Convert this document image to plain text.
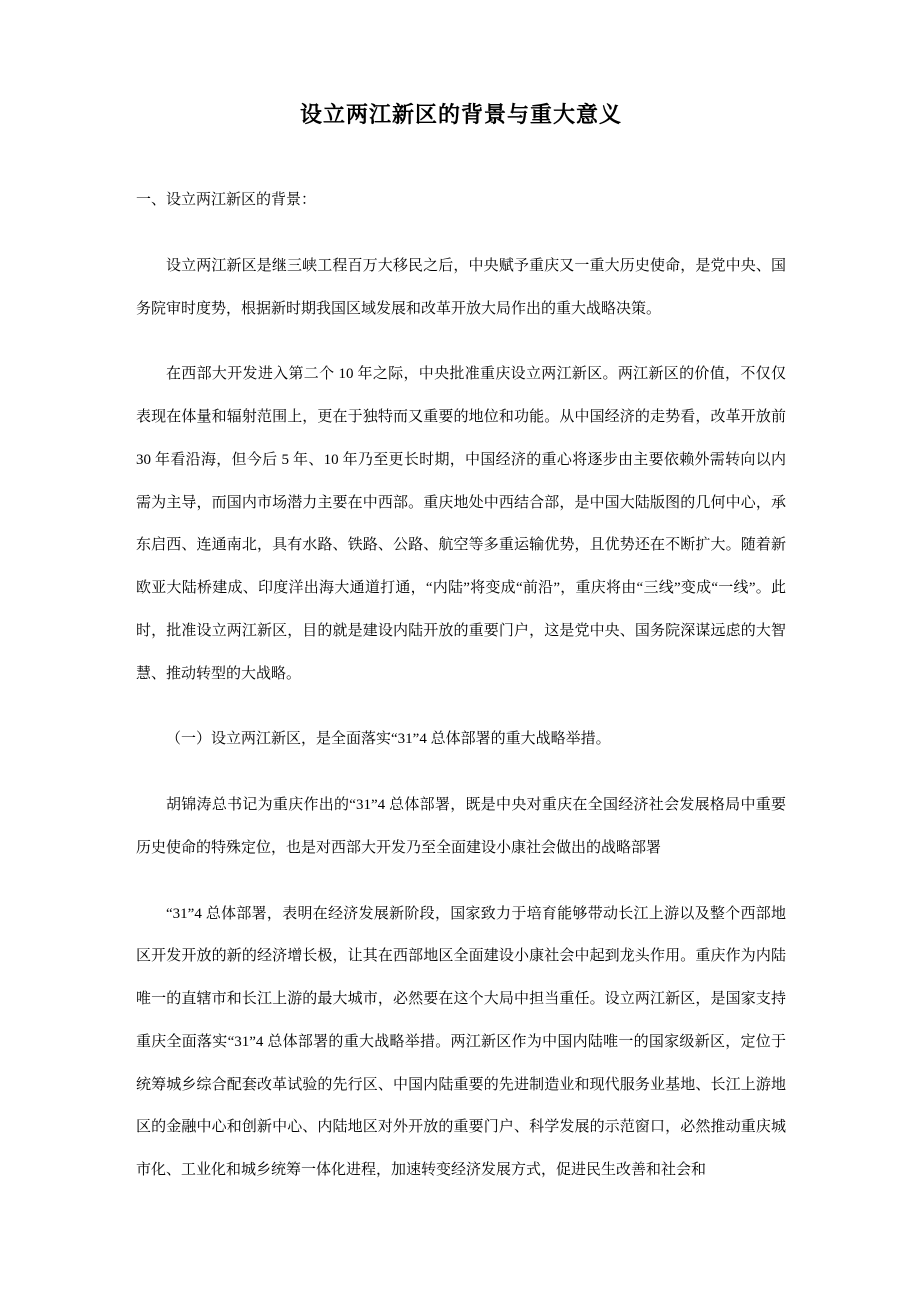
设立两江新区的背景与重大意义

一、设立两江新区的背景：

设立两江新区是继三峡工程百万大移民之后，中央赋予重庆又一重大历史使命，是党中央、国务院审时度势，根据新时期我国区域发展和改革开放大局作出的重大战略决策。

在西部大开发进入第二个 10 年之际，中央批准重庆设立两江新区。两江新区的价值，不仅仅表现在体量和辐射范围上，更在于独特而又重要的地位和功能。从中国经济的走势看，改革开放前 30 年看沿海，但今后 5 年、10 年乃至更长时期，中国经济的重心将逐步由主要依赖外需转向以内需为主导，而国内市场潜力主要在中西部。重庆地处中西结合部，是中国大陆版图的几何中心，承东启西、连通南北，具有水路、铁路、公路、航空等多重运输优势，且优势还在不断扩大。随着新欧亚大陆桥建成、印度洋出海大通道打通，“内陆”将变成“前沿”，重庆将由“三线”变成“一线”。此时，批准设立两江新区，目的就是建设内陆开放的重要门户，这是党中央、国务院深谋远虑的大智慧、推动转型的大战略。

（一）设立两江新区，是全面落实“31”4 总体部署的重大战略举措。

胡锦涛总书记为重庆作出的“31”4 总体部署，既是中央对重庆在全国经济社会发展格局中重要历史使命的特殊定位，也是对西部大开发乃至全面建设小康社会做出的战略部署

“31”4 总体部署，表明在经济发展新阶段，国家致力于培育能够带动长江上游以及整个西部地区开发开放的新的经济增长极，让其在西部地区全面建设小康社会中起到龙头作用。重庆作为内陆唯一的直辖市和长江上游的最大城市，必然要在这个大局中担当重任。设立两江新区，是国家支持重庆全面落实“31”4 总体部署的重大战略举措。两江新区作为中国内陆唯一的国家级新区，定位于统筹城乡综合配套改革试验的先行区、中国内陆重要的先进制造业和现代服务业基地、长江上游地区的金融中心和创新中心、内陆地区对外开放的重要门户、科学发展的示范窗口，必然推动重庆城市化、工业化和城乡统筹一体化进程，加速转变经济发展方式，促进民生改善和社会和
